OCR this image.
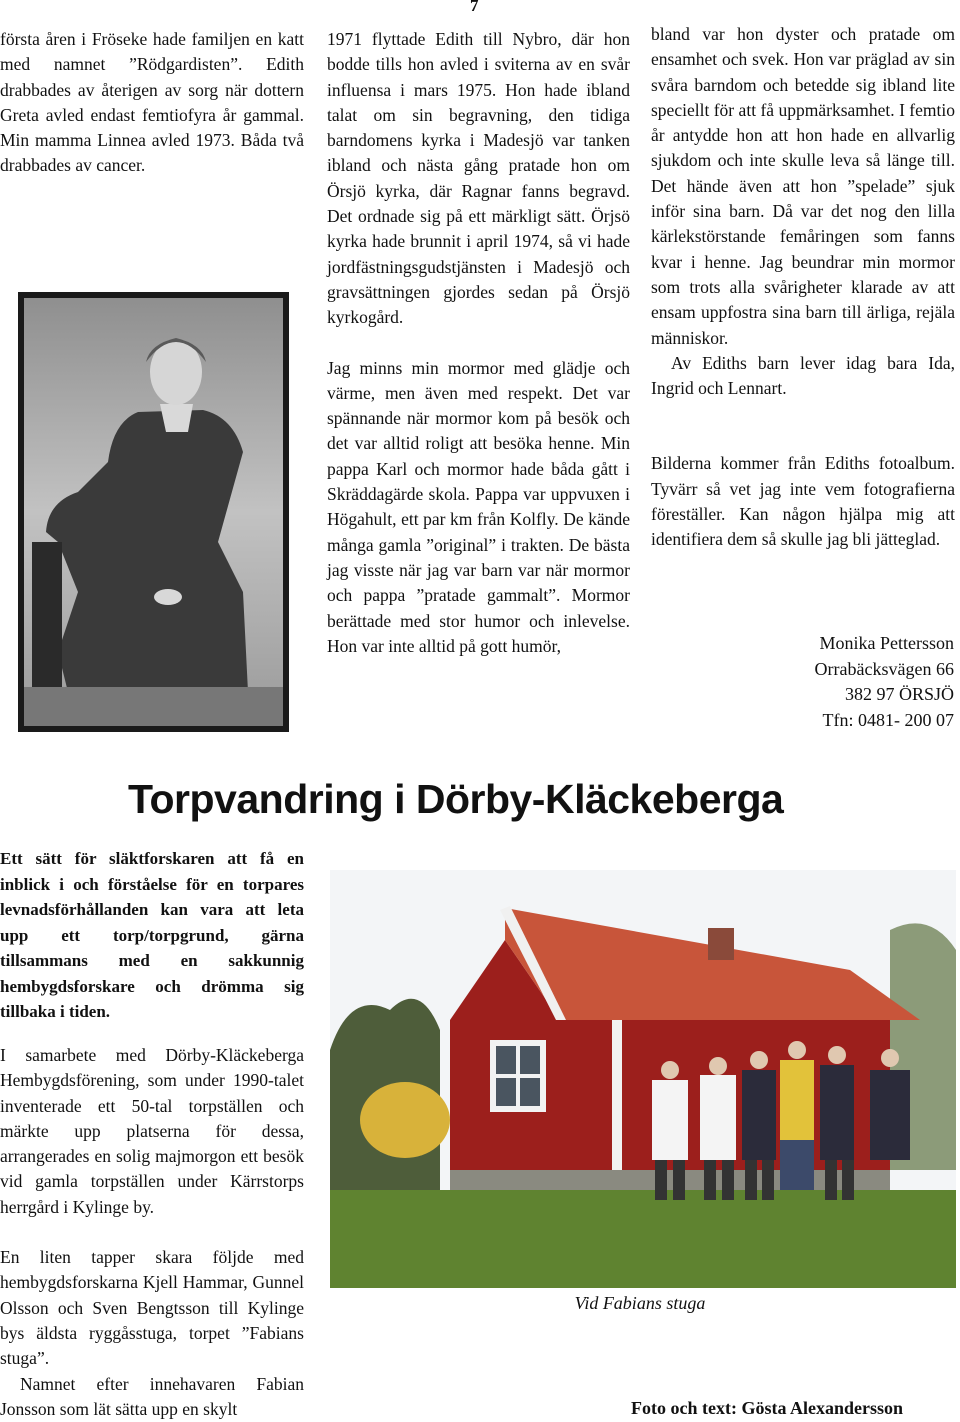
7

första åren i Fröseke hade familjen en katt med namnet ”Rödgardisten”. Edith drabbades av återigen av sorg när dottern Greta avled endast femtiofyra år gammal. Min mamma Linnea avled 1973. Båda två drabbades av cancer.

1971 flyttade Edith till Nybro, där hon bodde tills hon avled i sviterna av en svår influensa i mars 1975. Hon hade ibland talat om sin begravning, den tidiga barndomens kyrka i Madesjö var tanken ibland och nästa gång pratade hon om Örsjö kyrka, där Ragnar fanns begravd. Det ordnade sig på ett märkligt sätt. Örjsö kyrka hade brunnit i april 1974, så vi hade jordfästningsgudstjänsten i Madesjö och gravsättningen gjordes sedan på Örsjö kyrkogård.

Jag minns min mormor med glädje och värme, men även med respekt. Det var spännande när mormor kom på besök och det var alltid roligt att besöka henne. Min pappa Karl och mormor hade båda gått i Skräddagärde skola. Pappa var uppvuxen i Högahult, ett par km från Kolfly. De kände många gamla ”original” i trakten. De bästa jag visste när jag var barn var när mormor och pappa ”pratade gammalt”. Mormor berättade med stor humor och inlevelse. Hon var inte alltid på gott humör,

bland var hon dyster och pratade om ensamhet och svek. Hon var präglad av sin svåra barndom och betedde sig ibland lite speciellt för att få uppmärksamhet. I femtio år antydde hon att hon hade en allvarlig sjukdom och inte skulle leva så länge till. Det hände även att hon ”spelade” sjuk inför sina barn. Då var det nog den lilla kärlekstörstande femåringen som fanns kvar i henne. Jag beundrar min mormor som trots alla svårigheter klarade av att ensam uppfostra sina barn till ärliga, rejäla människor.

Av Ediths barn lever idag bara Ida, Ingrid och Lennart.

Bilderna kommer från Ediths fotoalbum. Tyvärr så vet jag inte vem fotografierna föreställer. Kan någon hjälpa mig att identifiera dem så skulle jag bli jätteglad.

Monika Pettersson
Orrabäcksvägen 66
382 97 ÖRSJÖ
Tfn: 0481- 200 07
Torpvandring i Dörby-Kläckeberga
Ett sätt för släktforskaren att få en inblick i och förståelse för en torpares levnadsförhållanden kan vara att leta upp ett torp/torpgrund, gärna tillsammans med en sakkunnig hembygdsforskare och drömma sig tillbaka i tiden.

I samarbete med Dörby-Kläckeberga Hembygdsförening, som under 1990-talet inventerade ett 50-tal torpställen och märkte upp platserna för dessa, arrangerades en solig majmorgon ett besök vid gamla torpställen under Kärrstorps herrgård i Kylinge by.

En liten tapper skara följde med hembygdsforskarna Kjell Hammar, Gunnel Olsson och Sven Bengtsson till Kylinge bys äldsta ryggåsstuga, torpet ”Fabians stuga”.

Namnet efter innehavaren Fabian Jonsson som lät sätta upp en skylt

Vid Fabians stuga
Foto och text: Gösta Alexandersson
